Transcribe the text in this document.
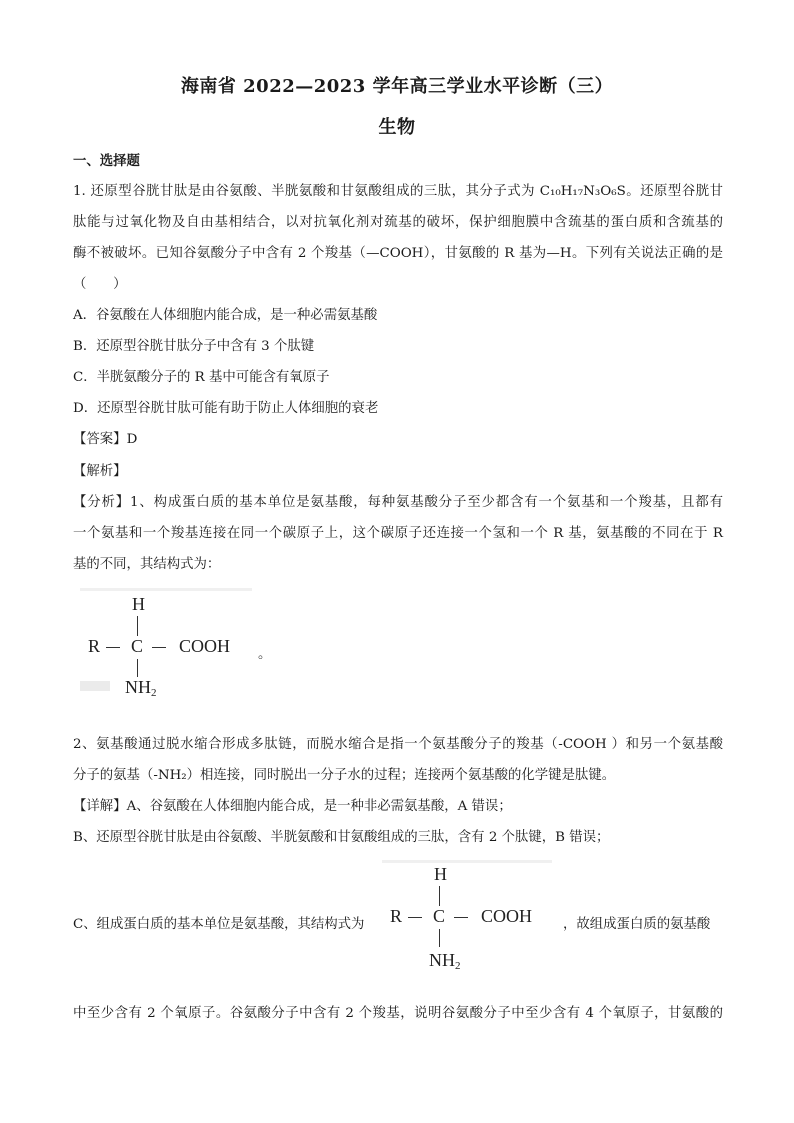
海南省 2022—2023 学年高三学业水平诊断（三）
生物
一、选择题
1. 还原型谷胱甘肽是由谷氨酸、半胱氨酸和甘氨酸组成的三肽，其分子式为 C₁₀H₁₇N₃O₆S。还原型谷胱甘
肽能与过氧化物及自由基相结合，以对抗氧化剂对巯基的破坏，保护细胞膜中含巯基的蛋白质和含巯基的
酶不被破坏。已知谷氨酸分子中含有 2 个羧基（—COOH），甘氨酸的 R 基为—H。下列有关说法正确的是
（　　）
A．谷氨酸在人体细胞内能合成，是一种必需氨基酸
B．还原型谷胱甘肽分子中含有 3 个肽键
C．半胱氨酸分子的 R 基中可能含有氧原子
D．还原型谷胱甘肽可能有助于防止人体细胞的衰老
【答案】D
【解析】
【分析】1、构成蛋白质的基本单位是氨基酸，每种氨基酸分子至少都含有一个氨基和一个羧基，且都有
一个氨基和一个羧基连接在同一个碳原子上，这个碳原子还连接一个氢和一个 R 基，氨基酸的不同在于 R
基的不同，其结构式为：
H
R C COOH
$NH_2$
。
2、氨基酸通过脱水缩合形成多肽链，而脱水缩合是指一个氨基酸分子的羧基（-COOH ）和另一个氨基酸
分子的氨基（-NH₂）相连接，同时脱出一分子水的过程；连接两个氨基酸的化学键是肽键。
【详解】A、谷氨酸在人体细胞内能合成，是一种非必需氨基酸，A 错误；
B、还原型谷胱甘肽是由谷氨酸、半胱氨酸和甘氨酸组成的三肽，含有 2 个肽键，B 错误；
C、组成蛋白质的基本单位是氨基酸，其结构式为
H
R C COOH
$NH_2$
，故组成蛋白质的氨基酸
中至少含有 2 个氧原子。谷氨酸分子中含有 2 个羧基，说明谷氨酸分子中至少含有 4 个氧原子，甘氨酸的
